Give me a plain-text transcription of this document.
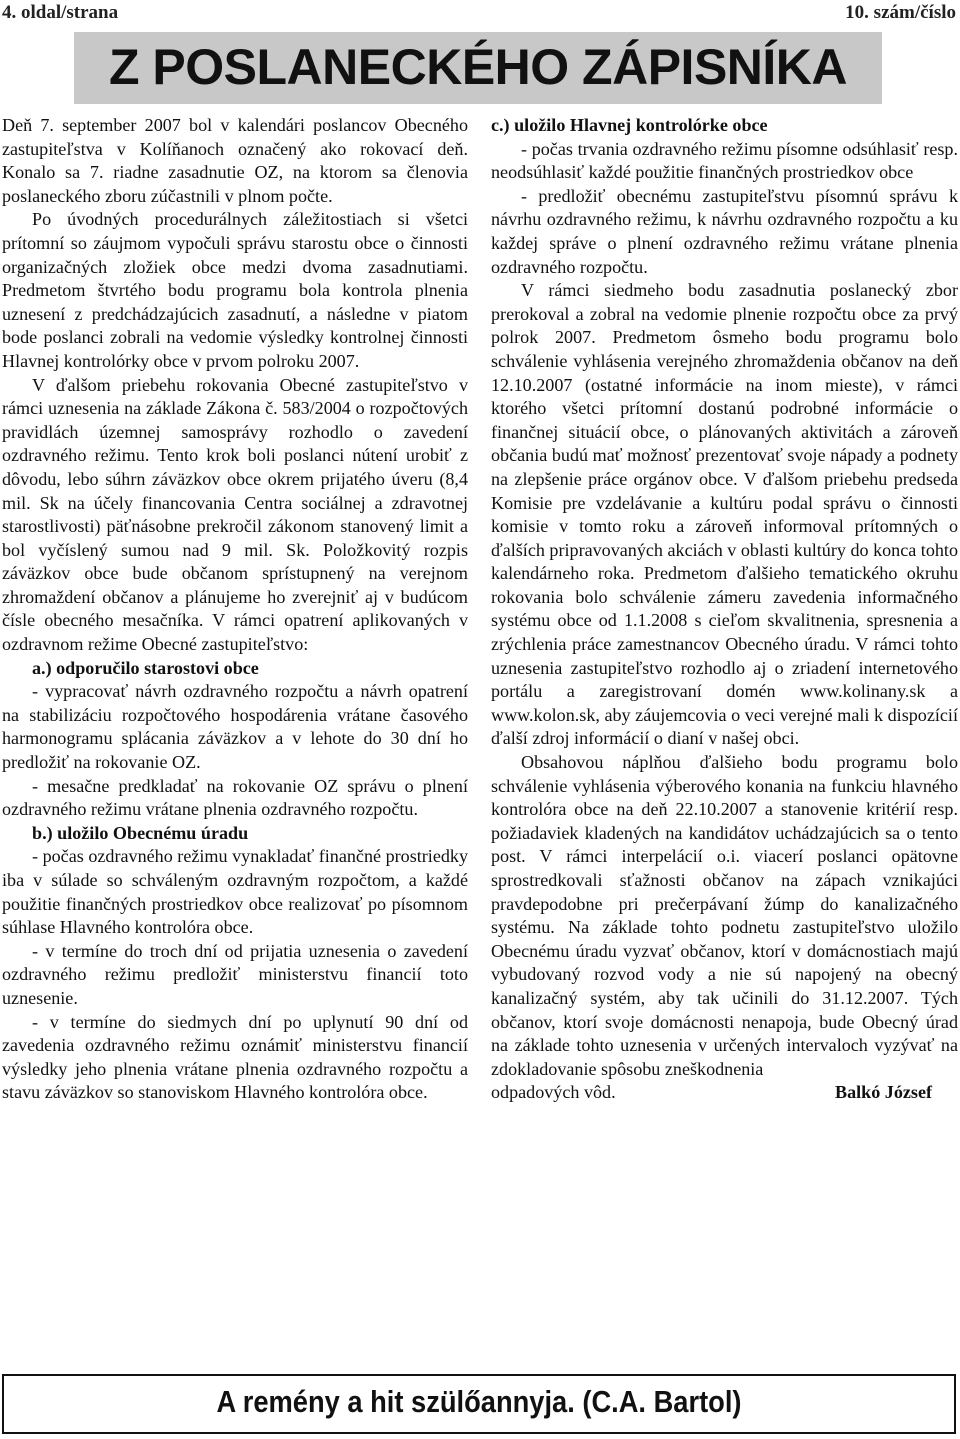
4. oldal/strana	10. szám/číslo
Z POSLANECKÉHO ZÁPISNÍKA

Deň 7. september 2007 bol v kalendári poslancov Obecného zastupiteľstva v Kolíňanoch označený ako rokovací deň. Konalo sa 7. riadne zasadnutie OZ, na ktorom sa členovia poslaneckého zboru zúčastnili v plnom počte.

Po úvodných procedurálnych záležitostiach si všetci prítomní so záujmom vypočuli správu starostu obce o činnosti organizačných zložiek obce medzi dvoma zasadnutiami. Predmetom štvrtého bodu programu bola kontrola plnenia uznesení z predchádzajúcich zasadnutí, a následne v piatom bode poslanci zobrali na vedomie výsledky kontrolnej činnosti Hlavnej kontrolórky obce v prvom polroku 2007.

V ďalšom priebehu rokovania Obecné zastupiteľstvo v rámci uznesenia na základe Zákona č. 583/2004 o rozpočtových pravidlách územnej samosprávy rozhodlo o zavedení ozdravného režimu. Tento krok boli poslanci nútení urobiť z dôvodu, lebo súhrn záväzkov obce okrem prijatého úveru (8,4 mil. Sk na účely financovania Centra sociálnej a zdravotnej starostlivosti) päťnásobne prekročil zákonom stanovený limit a bol vyčíslený sumou nad 9 mil. Sk. Položkovitý rozpis záväzkov obce bude občanom sprístupnený na verejnom zhromaždení občanov a plánujeme ho zverejniť aj v budúcom čísle obecného mesačníka. V rámci opatrení aplikovaných v ozdravnom režime Obecné zastupiteľstvo:

a.) odporučilo starostovi obce

- vypracovať návrh ozdravného rozpočtu a návrh opatrení na stabilizáciu rozpočtového hospodárenia vrátane časového harmonogramu splácania záväzkov a v lehote do 30 dní ho predložiť na rokovanie OZ.

- mesačne predkladať na rokovanie OZ správu o plnení ozdravného režimu vrátane plnenia ozdravného rozpočtu.

b.) uložilo Obecnému úradu

- počas ozdravného režimu vynakladať finančné prostriedky iba v súlade so schváleným ozdravným rozpočtom, a každé použitie finančných prostriedkov obce realizovať po písomnom súhlase Hlavného kontrolóra obce.

- v termíne do troch dní od prijatia uznesenia o zavedení ozdravného režimu predložiť ministerstvu financií toto uznesenie.

- v termíne do siedmych dní po uplynutí 90 dní od zavedenia ozdravného režimu oznámiť ministerstvu financií výsledky jeho plnenia vrátane plnenia ozdravného rozpočtu a stavu záväzkov so stanoviskom Hlavného kontrolóra obce.

c.) uložilo Hlavnej kontrolórke obce

- počas trvania ozdravného režimu písomne odsúhlasiť resp. neodsúhlasiť každé použitie finančných prostriedkov obce

- predložiť obecnému zastupiteľstvu písomnú správu k návrhu ozdravného režimu, k návrhu ozdravného rozpočtu a ku každej správe o plnení ozdravného režimu vrátane plnenia ozdravného rozpočtu.

V rámci siedmeho bodu zasadnutia poslanecký zbor prerokoval a zobral na vedomie plnenie rozpočtu obce za prvý polrok 2007. Predmetom ôsmeho bodu programu bolo schválenie vyhlásenia verejného zhromaždenia občanov na deň 12.10.2007 (ostatné informácie na inom mieste), v rámci ktorého všetci prítomní dostanú podrobné informácie o finančnej situácií obce, o plánovaných aktivitách a zároveň občania budú mať možnosť prezentovať svoje nápady a podnety na zlepšenie práce orgánov obce. V ďalšom priebehu predseda Komisie pre vzdelávanie a kultúru podal správu o činnosti komisie v tomto roku a zároveň informoval prítomných o ďalších pripravovaných akciách v oblasti kultúry do konca tohto kalendárneho roka. Predmetom ďalšieho tematického okruhu rokovania bolo schválenie zámeru zavedenia informačného systému obce od 1.1.2008 s cieľom skvalitnenia, spresnenia a zrýchlenia práce zamestnancov Obecného úradu. V rámci tohto uznesenia zastupiteľstvo rozhodlo aj o zriadení internetového portálu a zaregistrovaní domén www.kolinany.sk a www.kolon.sk, aby záujemcovia o veci verejné mali k dispozícií ďalší zdroj informácií o dianí v našej obci.

Obsahovou náplňou ďalšieho bodu programu bolo schválenie vyhlásenia výberového konania na funkciu hlavného kontrolóra obce na deň 22.10.2007 a stanovenie kritérií resp. požiadaviek kladených na kandidátov uchádzajúcich sa o tento post. V rámci interpelácií o.i. viacerí poslanci opätovne sprostredkovali sťažnosti občanov na zápach vznikajúci pravdepodobne pri prečerpávaní žúmp do kanalizačného systému. Na základe tohto podnetu zastupiteľstvo uložilo Obecnému úradu vyzvať občanov, ktorí v domácnostiach majú vybudovaný rozvod vody a nie sú napojený na obecný kanalizačný systém, aby tak učinili do 31.12.2007. Tých občanov, ktorí svoje domácnosti nenapoja, bude Obecný úrad na základe tohto uznesenia v určených intervaloch vyzývať na zdokladovanie spôsobu zneškodnenia

odpadových vôd.	Balkó József
A remény a hit szülőannyja. (C.A. Bartol)
